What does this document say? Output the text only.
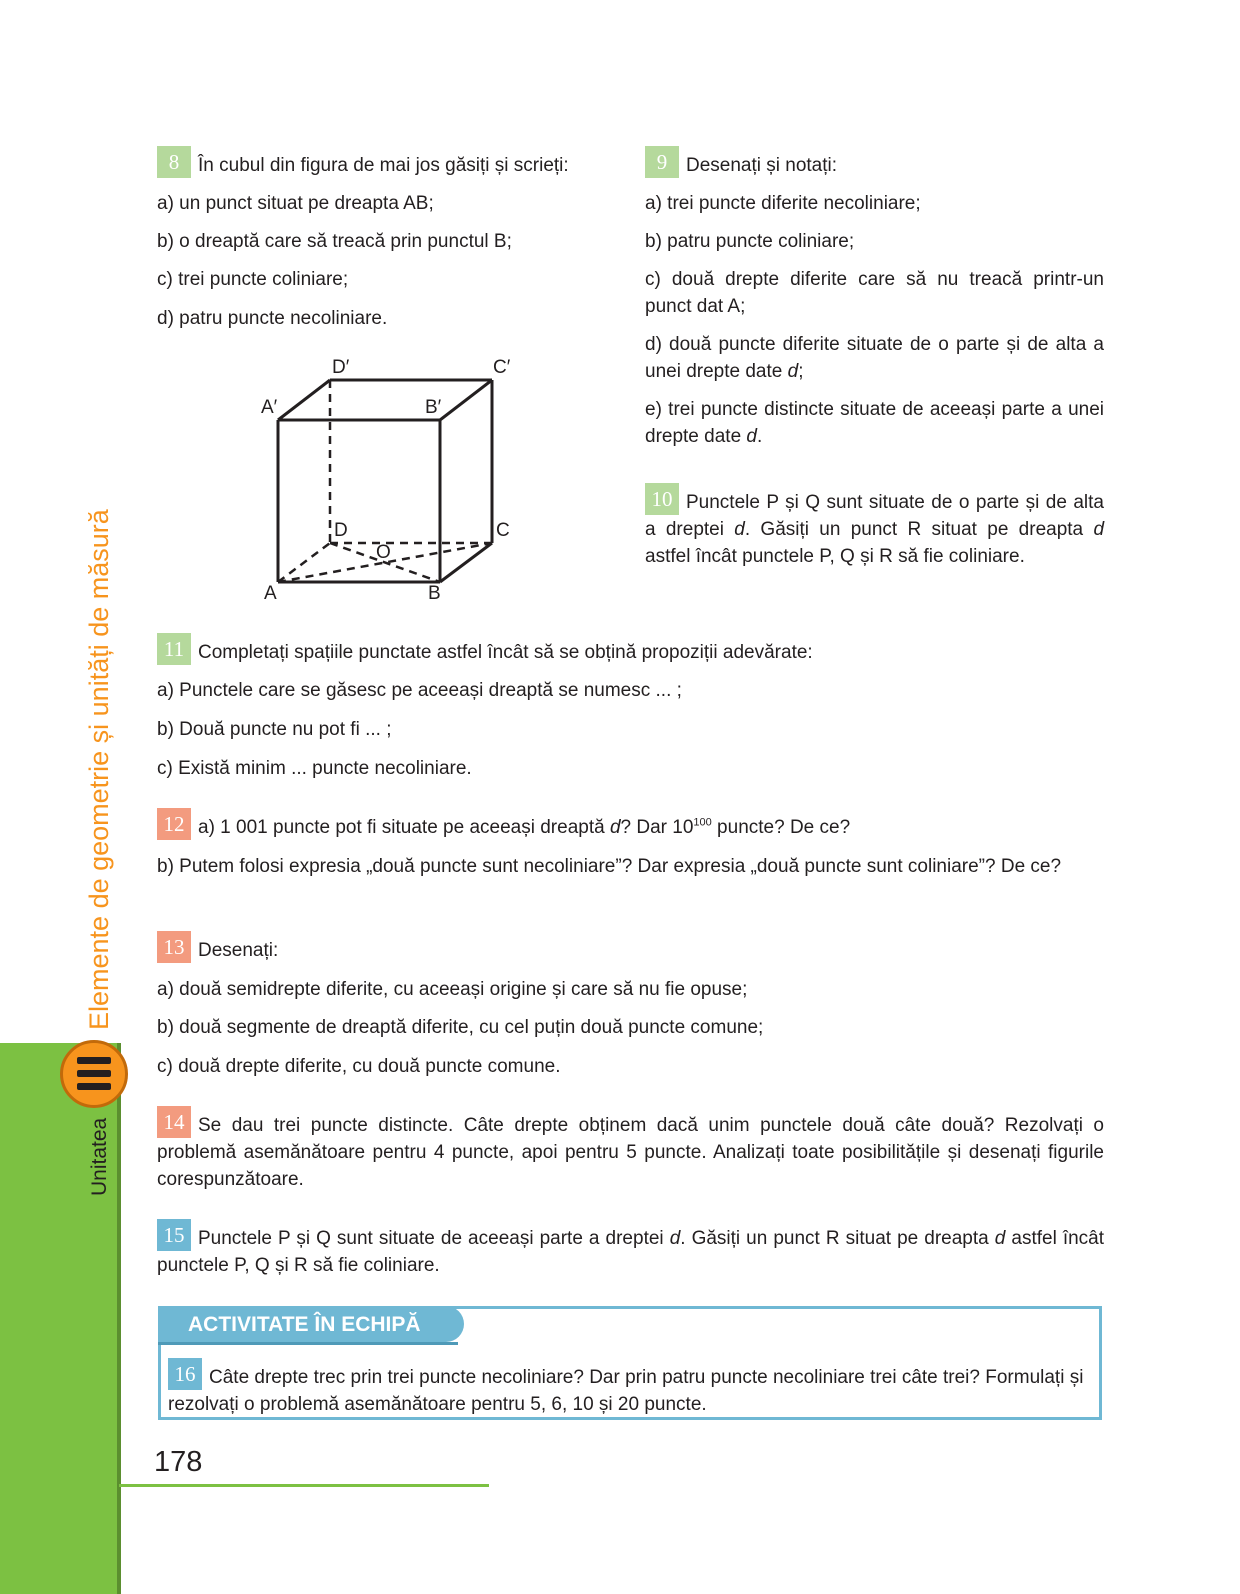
Elemente de geometrie și unități de măsură
Unitatea
8 În cubul din figura de mai jos găsiți și scrieți:
a) un punct situat pe dreapta AB;
b) o dreaptă care să treacă prin punctul B;
c) trei puncte coliniare;
d) patru puncte necoliniare.
D′	C′
A′	B′
D	C
O
A	B
9 Desenați și notați:
a) trei puncte diferite necoliniare;
b) patru puncte coliniare;
c) două drepte diferite care să nu treacă printr-un punct dat A;
d) două puncte diferite situate de o parte și de alta a unei drepte date d;
e) trei puncte distincte situate de aceeași parte a unei drepte date d.
10 Punctele P și Q sunt situate de o parte și de alta a dreptei d. Găsiți un punct R situat pe dreapta d astfel încât punctele P, Q și R să fie coliniare.
11 Completați spațiile punctate astfel încât să se obțină propoziții adevărate:
a) Punctele care se găsesc pe aceeași dreaptă se numesc ... ;
b) Două puncte nu pot fi ... ;
c) Există minim ... puncte necoliniare.
12 a) 1 001 puncte pot fi situate pe aceeași dreaptă d? Dar $10^{100}$ puncte? De ce?
b) Putem folosi expresia „două puncte sunt necoliniare”? Dar expresia „două puncte sunt coliniare”? De ce?
13 Desenați:
a) două semidrepte diferite, cu aceeași origine și care să nu fie opuse;
b) două segmente de dreaptă diferite, cu cel puțin două puncte comune;
c) două drepte diferite, cu două puncte comune.
14 Se dau trei puncte distincte. Câte drepte obținem dacă unim punctele două câte două? Rezolvați o problemă asemănătoare pentru 4 puncte, apoi pentru 5 puncte. Analizați toate posibilitățile și desenați figurile corespunzătoare.
15 Punctele P și Q sunt situate de aceeași parte a dreptei d. Găsiți un punct R situat pe dreapta d astfel încât punctele P, Q și R să fie coliniare.
ACTIVITATE ÎN ECHIPĂ
16 Câte drepte trec prin trei puncte necoliniare? Dar prin patru puncte necoliniare trei câte trei? Formulați și rezolvați o problemă asemănătoare pentru 5, 6, 10 și 20 puncte.
178
